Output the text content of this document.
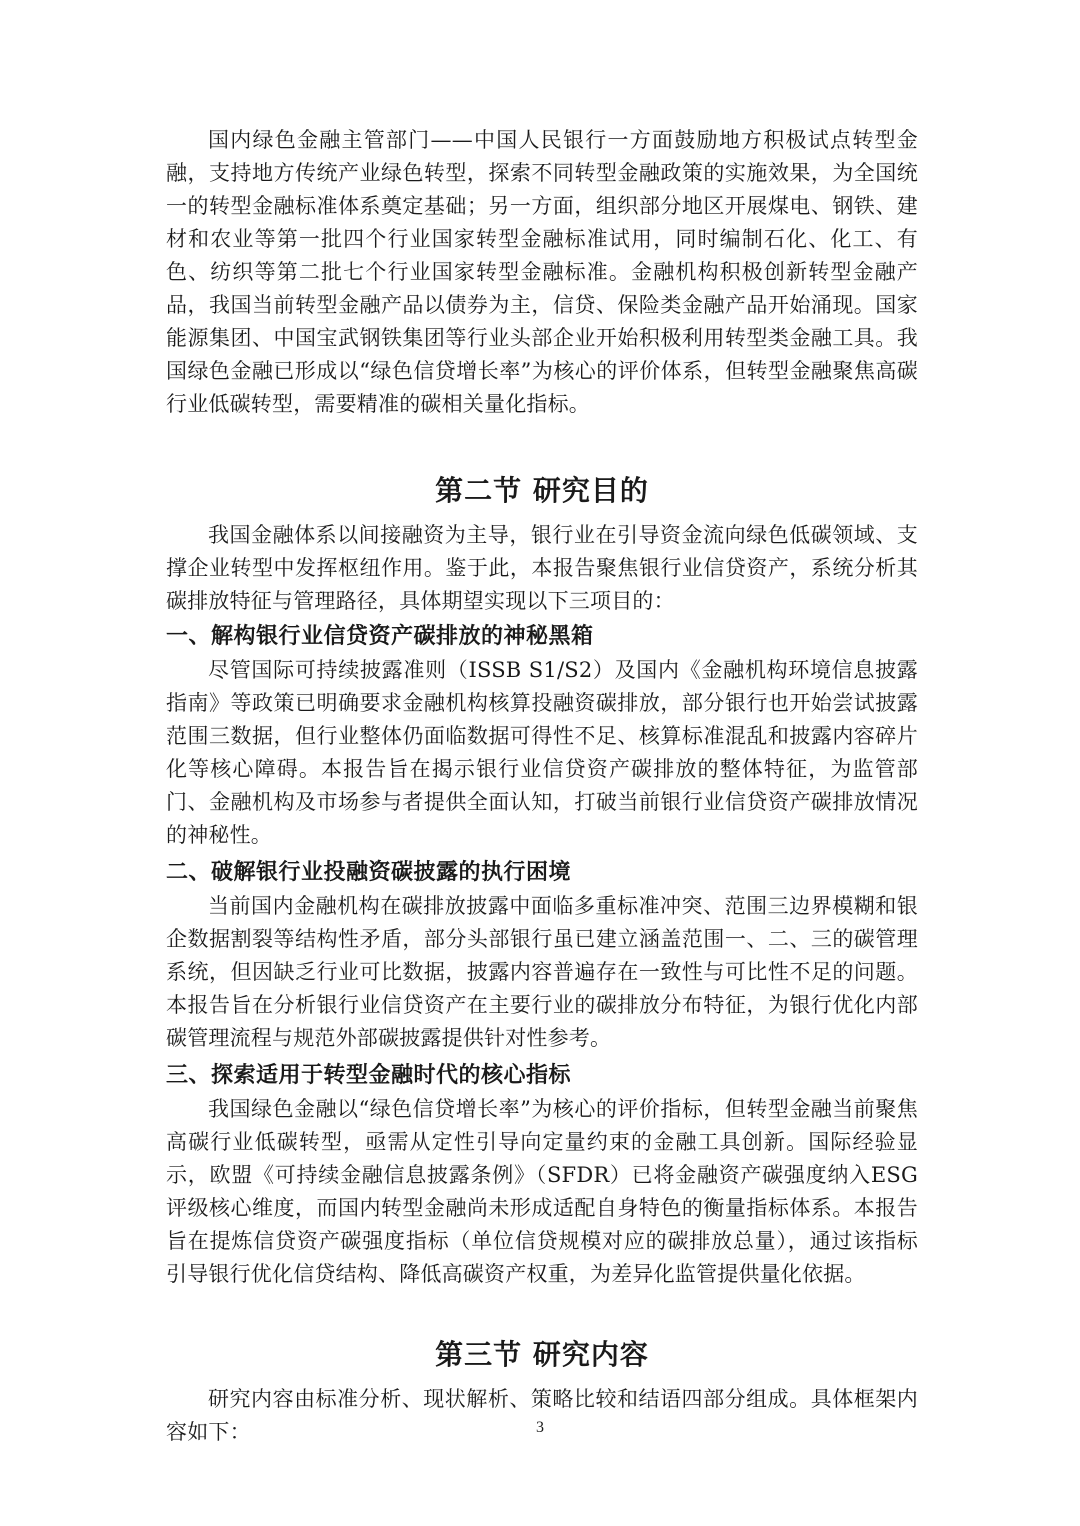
国内绿色金融主管部门——中国人民银行一方面鼓励地方积极试点转型金融，支持地方传统产业绿色转型，探索不同转型金融政策的实施效果，为全国统一的转型金融标准体系奠定基础；另一方面，组织部分地区开展煤电、钢铁、建材和农业等第一批四个行业国家转型金融标准试用，同时编制石化、化工、有色、纺织等第二批七个行业国家转型金融标准。金融机构积极创新转型金融产品，我国当前转型金融产品以债券为主，信贷、保险类金融产品开始涌现。国家能源集团、中国宝武钢铁集团等行业头部企业开始积极利用转型类金融工具。我国绿色金融已形成以“绿色信贷增长率”为核心的评价体系，但转型金融聚焦高碳行业低碳转型，需要精准的碳相关量化指标。

第二节 研究目的

我国金融体系以间接融资为主导，银行业在引导资金流向绿色低碳领域、支撑企业转型中发挥枢纽作用。鉴于此，本报告聚焦银行业信贷资产，系统分析其碳排放特征与管理路径，具体期望实现以下三项目的：

一、解构银行业信贷资产碳排放的神秘黑箱

尽管国际可持续披露准则（ISSB S1/S2）及国内《金融机构环境信息披露指南》等政策已明确要求金融机构核算投融资碳排放，部分银行也开始尝试披露范围三数据，但行业整体仍面临数据可得性不足、核算标准混乱和披露内容碎片化等核心障碍。本报告旨在揭示银行业信贷资产碳排放的整体特征，为监管部门、金融机构及市场参与者提供全面认知，打破当前银行业信贷资产碳排放情况的神秘性。

二、破解银行业投融资碳披露的执行困境

当前国内金融机构在碳排放披露中面临多重标准冲突、范围三边界模糊和银企数据割裂等结构性矛盾，部分头部银行虽已建立涵盖范围一、二、三的碳管理系统，但因缺乏行业可比数据，披露内容普遍存在一致性与可比性不足的问题。本报告旨在分析银行业信贷资产在主要行业的碳排放分布特征，为银行优化内部碳管理流程与规范外部碳披露提供针对性参考。

三、探索适用于转型金融时代的核心指标

我国绿色金融以“绿色信贷增长率”为核心的评价指标，但转型金融当前聚焦高碳行业低碳转型，亟需从定性引导向定量约束的金融工具创新。国际经验显示，欧盟《可持续金融信息披露条例》（SFDR）已将金融资产碳强度纳入ESG评级核心维度，而国内转型金融尚未形成适配自身特色的衡量指标体系。本报告旨在提炼信贷资产碳强度指标（单位信贷规模对应的碳排放总量），通过该指标引导银行优化信贷结构、降低高碳资产权重，为差异化监管提供量化依据。

第三节 研究内容

研究内容由标准分析、现状解析、策略比较和结语四部分组成。具体框架内容如下：	3
